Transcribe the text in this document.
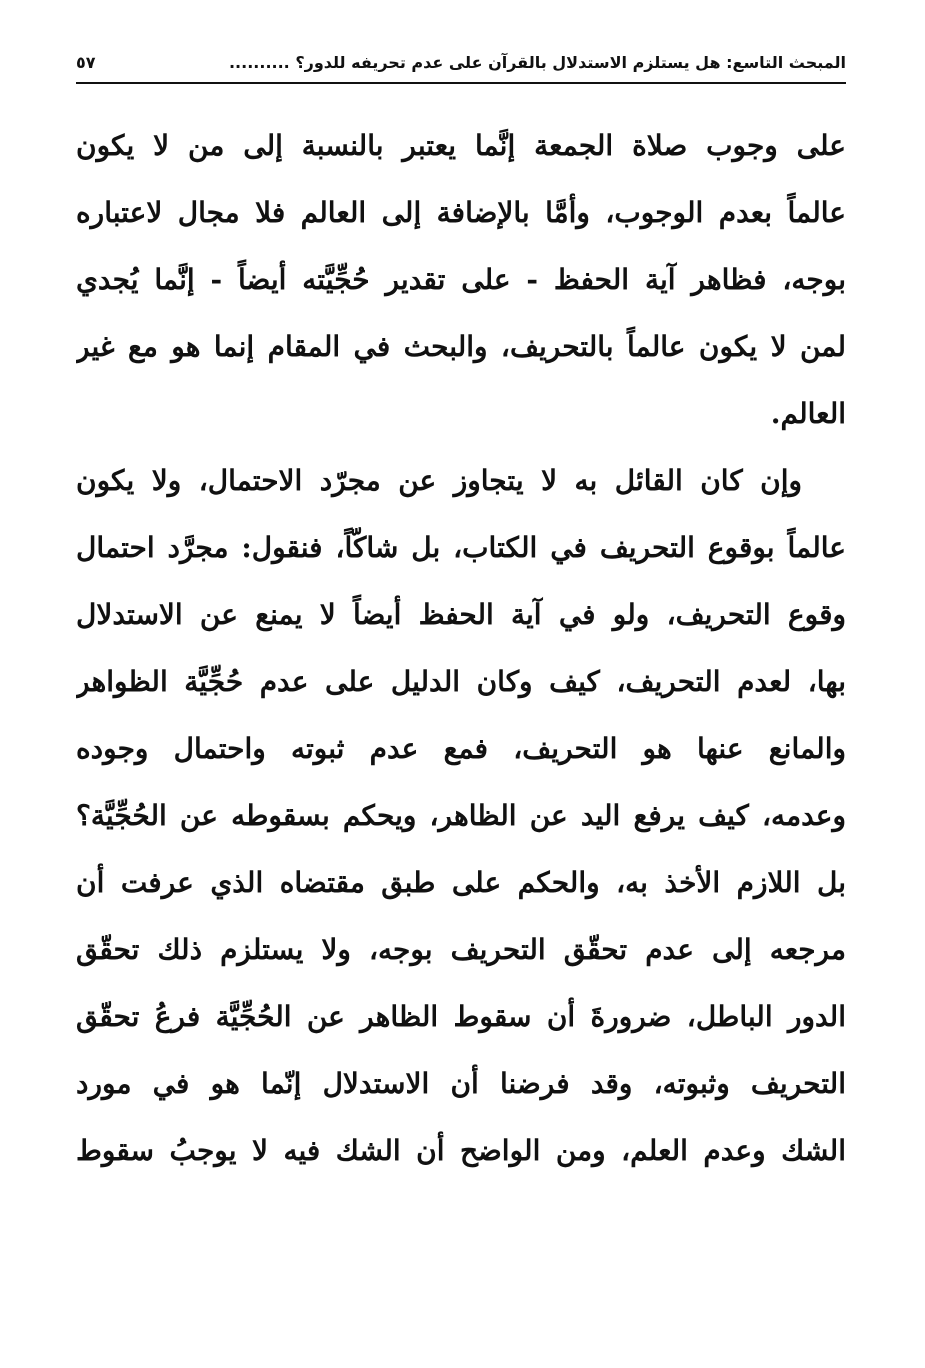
المبحث التاسع: هل يستلزم الاستدلال بالقرآن على عدم تحريفه للدور؟ ..........
٥٧
على وجوب صلاة الجمعة إنَّما يعتبر بالنسبة إلى من لا يكون
عالماً بعدم الوجوب، وأمَّا بالإضافة إلى العالم فلا مجال لاعتباره
بوجه، فظاهر آية الحفظ - على تقدير حُجِّيَّته أيضاً - إنَّما يُجدي
لمن لا يكون عالماً بالتحريف، والبحث في المقام إنما هو مع غير
العالم.
وإن كان القائل به لا يتجاوز عن مجرّد الاحتمال، ولا يكون
عالماً بوقوع التحريف في الكتاب، بل شاكّاً، فنقول: مجرَّد احتمال
وقوع التحريف، ولو في آية الحفظ أيضاً لا يمنع عن الاستدلال
بها، لعدم التحريف، كيف وكان الدليل على عدم حُجِّيَّة الظواهر
والمانع عنها هو التحريف، فمع عدم ثبوته واحتمال وجوده
وعدمه، كيف يرفع اليد عن الظاهر، ويحكم بسقوطه عن الحُجِّيَّة؟
بل اللازم الأخذ به، والحكم على طبق مقتضاه الذي عرفت أن
مرجعه إلى عدم تحقّق التحريف بوجه، ولا يستلزم ذلك تحقّق
الدور الباطل، ضرورةَ أن سقوط الظاهر عن الحُجِّيَّة فرعُ تحقّق
التحريف وثبوته، وقد فرضنا أن الاستدلال إنّما هو في مورد
الشك وعدم العلم، ومن الواضح أن الشك فيه لا يوجبُ سقوط
